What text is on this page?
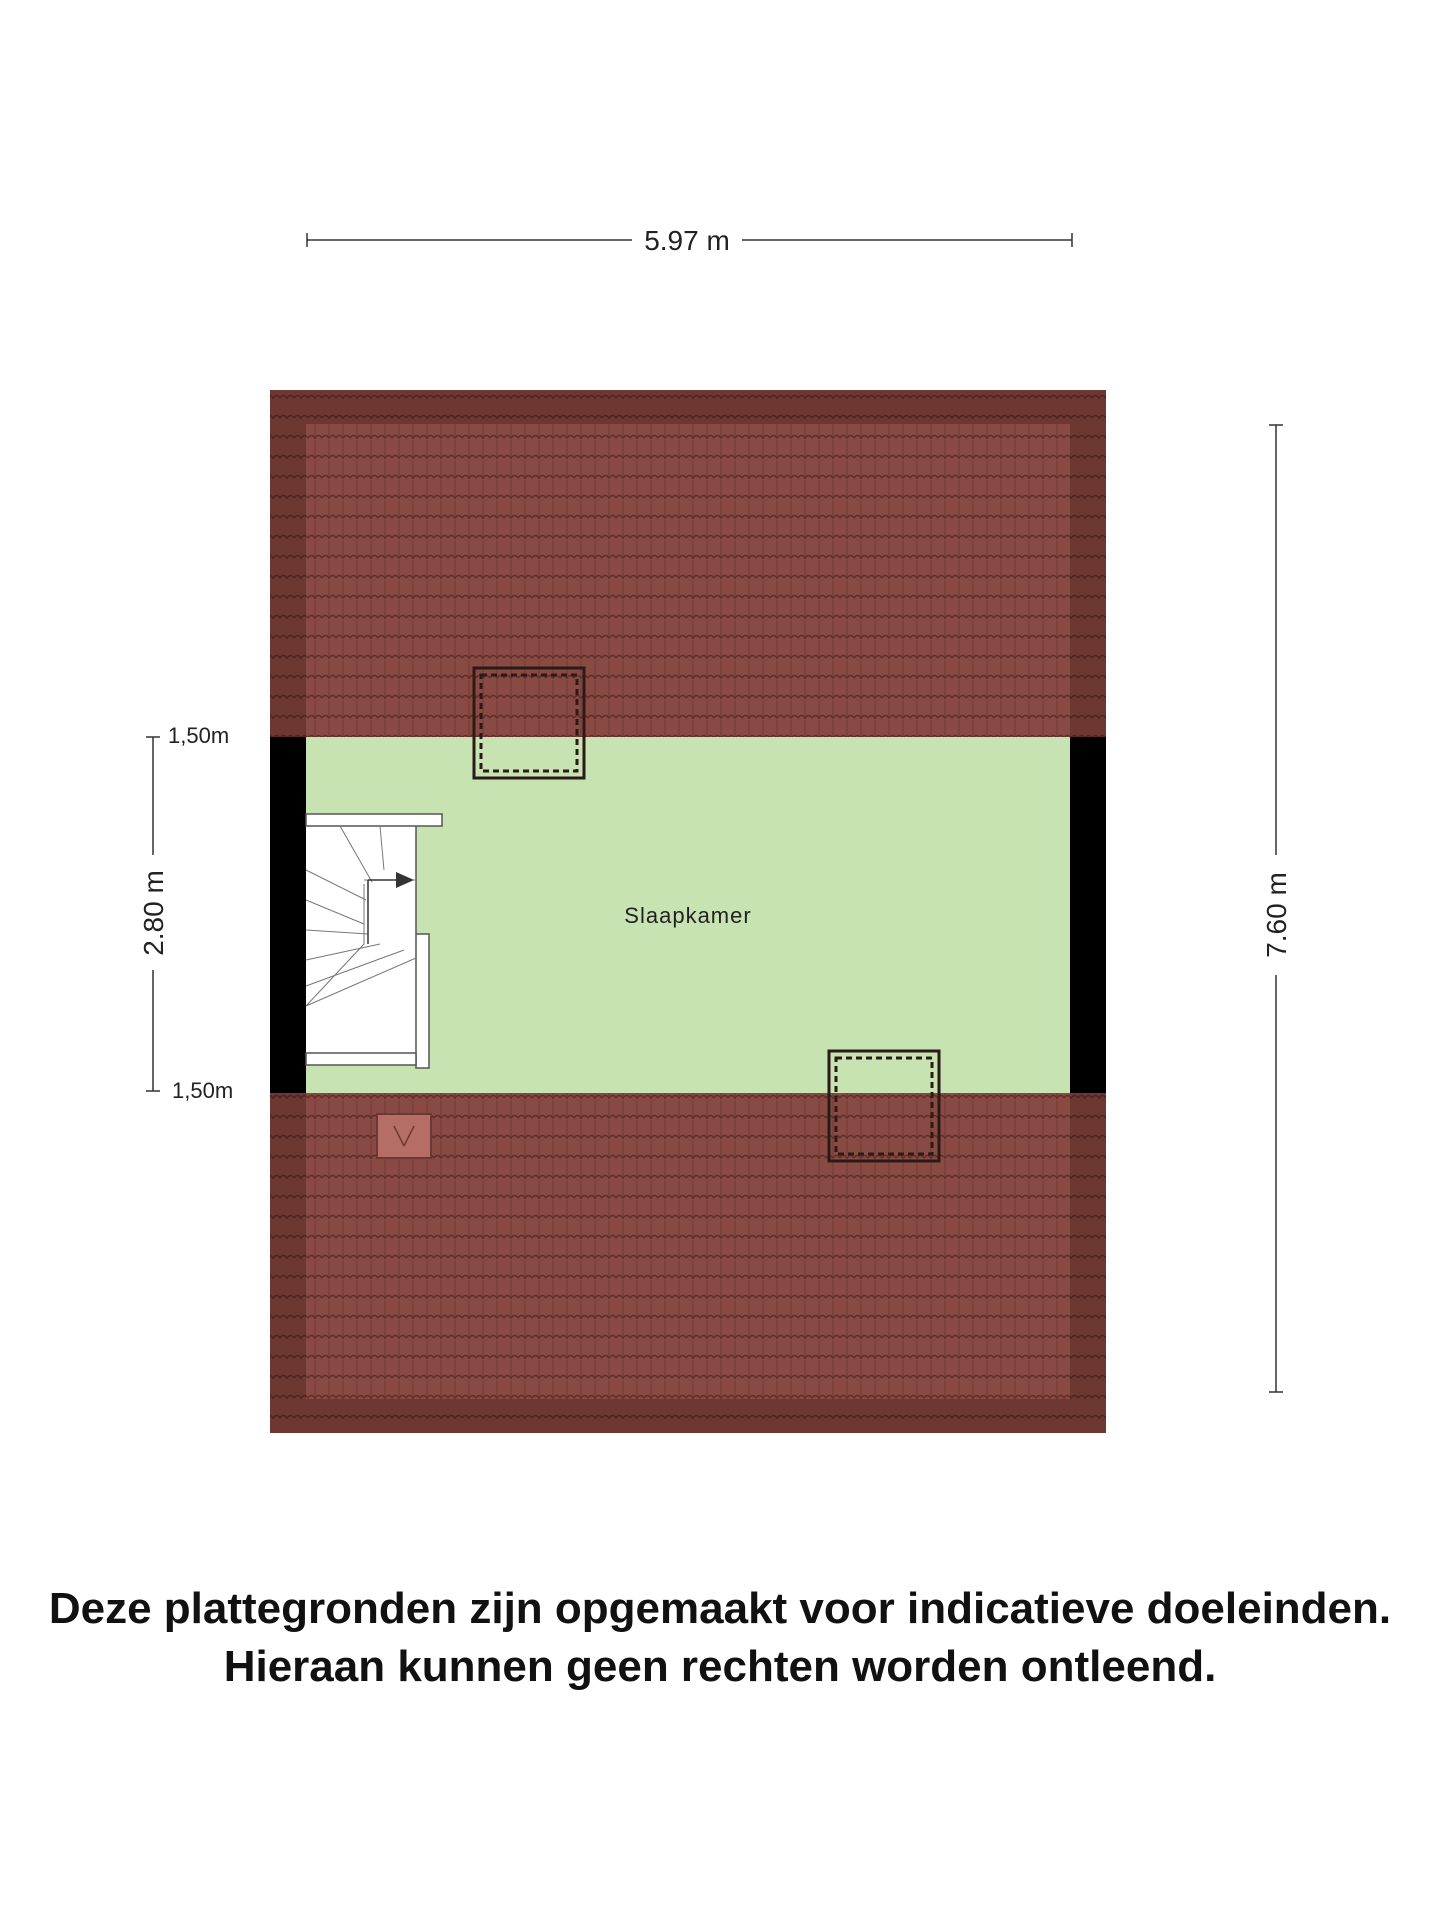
Slaapkamer
5.97 m
7.60 m
2.80 m
1,50m
1,50m
Deze plattegronden zijn opgemaakt voor indicatieve doeleinden.
Hieraan kunnen geen rechten worden ontleend.
